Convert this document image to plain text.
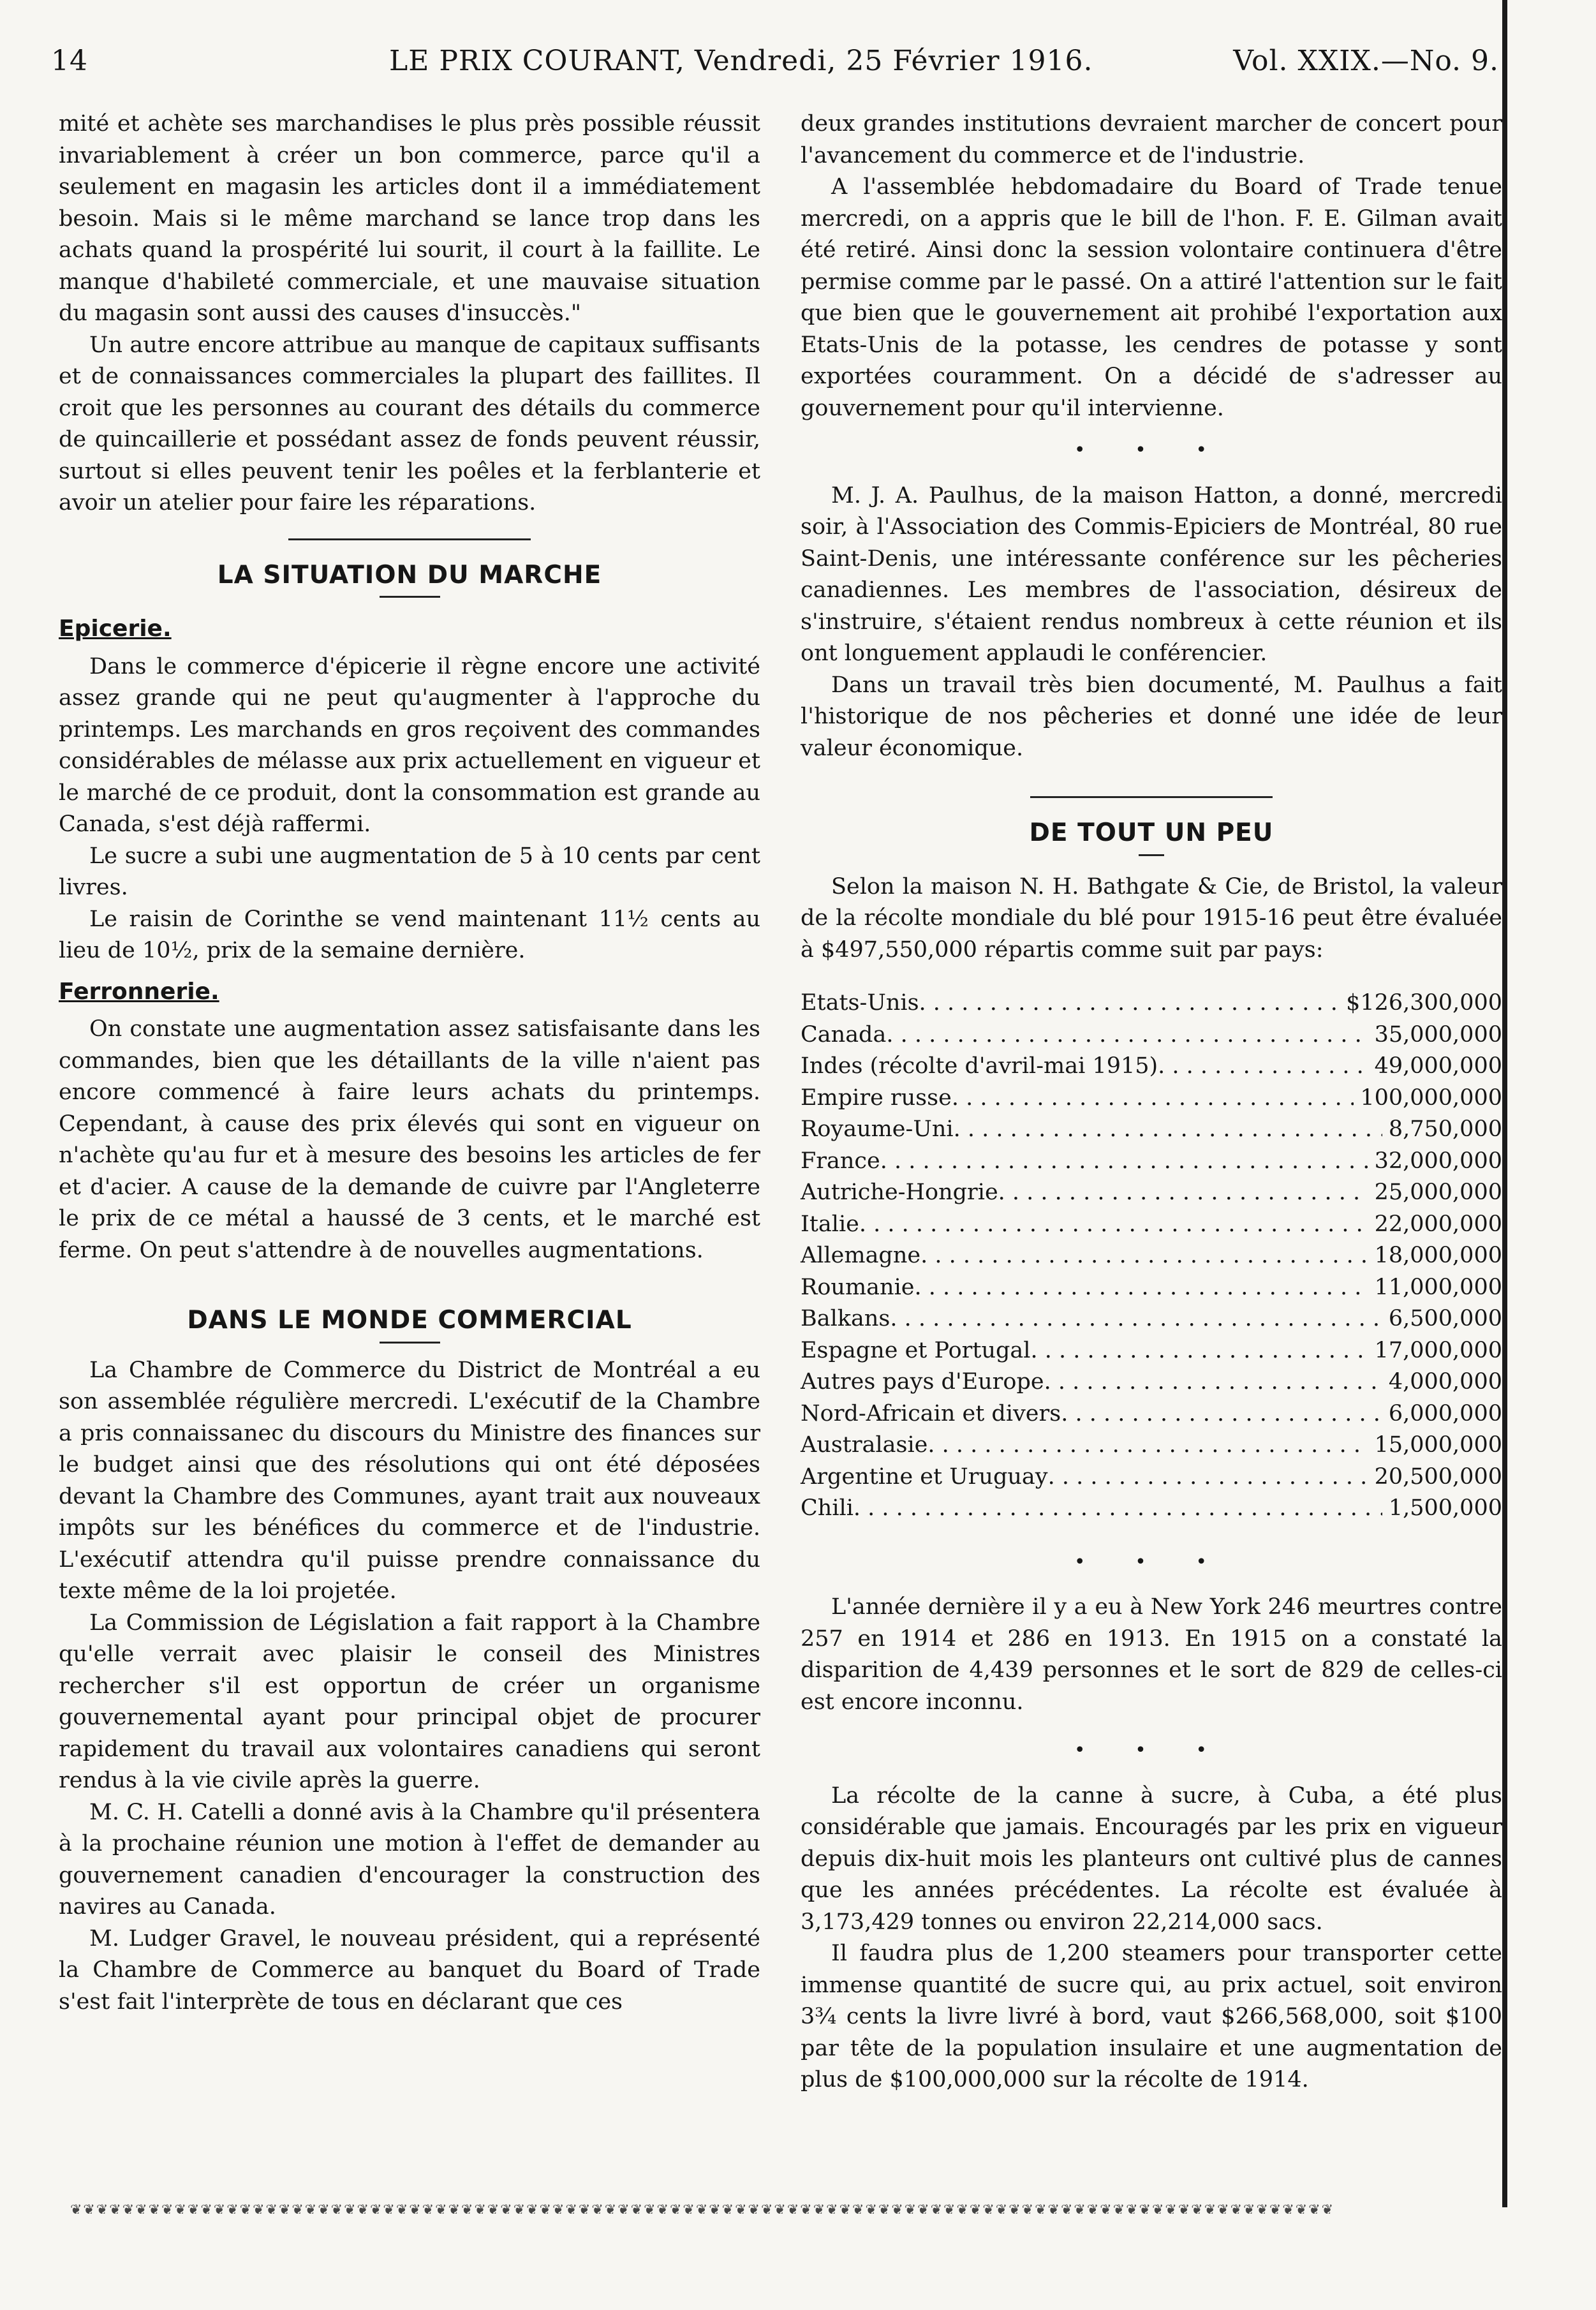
14	LE PRIX COURANT, Vendredi, 25 Février 1916.	Vol. XXIX.—No. 9.

mité et achète ses marchandises le plus près possible réussit invariablement à créer un bon commerce, parce qu'il a seulement en magasin les articles dont il a immédiatement besoin. Mais si le même marchand se lance trop dans les achats quand la prospérité lui sourit, il court à la faillite. Le manque d'habileté commerciale, et une mauvaise situation du magasin sont aussi des causes d'insuccès."

Un autre encore attribue au manque de capitaux suffisants et de connaissances commerciales la plupart des faillites. Il croit que les personnes au courant des détails du commerce de quincaillerie et possédant assez de fonds peuvent réussir, surtout si elles peuvent tenir les poêles et la ferblanterie et avoir un atelier pour faire les réparations.

LA SITUATION DU MARCHE
Epicerie.

Dans le commerce d'épicerie il règne encore une activité assez grande qui ne peut qu'augmenter à l'approche du printemps. Les marchands en gros reçoivent des commandes considérables de mélasse aux prix actuellement en vigueur et le marché de ce produit, dont la consommation est grande au Canada, s'est déjà raffermi.

Le sucre a subi une augmentation de 5 à 10 cents par cent livres.

Le raisin de Corinthe se vend maintenant 11½ cents au lieu de 10½, prix de la semaine dernière.

Ferronnerie.

On constate une augmentation assez satisfaisante dans les commandes, bien que les détaillants de la ville n'aient pas encore commencé à faire leurs achats du printemps. Cependant, à cause des prix élevés qui sont en vigueur on n'achète qu'au fur et à mesure des besoins les articles de fer et d'acier. A cause de la demande de cuivre par l'Angleterre le prix de ce métal a haussé de 3 cents, et le marché est ferme. On peut s'attendre à de nouvelles augmentations.

DANS LE MONDE COMMERCIAL

La Chambre de Commerce du District de Montréal a eu son assemblée régulière mercredi. L'exécutif de la Chambre a pris connaissanec du discours du Ministre des finances sur le budget ainsi que des résolutions qui ont été déposées devant la Chambre des Communes, ayant trait aux nouveaux impôts sur les bénéfices du commerce et de l'industrie. L'exécutif attendra qu'il puisse prendre connaissance du texte même de la loi projetée.

La Commission de Législation a fait rapport à la Chambre qu'elle verrait avec plaisir le conseil des Ministres rechercher s'il est opportun de créer un organisme gouvernemental ayant pour principal objet de procurer rapidement du travail aux volontaires canadiens qui seront rendus à la vie civile après la guerre.

M. C. H. Catelli a donné avis à la Chambre qu'il présentera à la prochaine réunion une motion à l'effet de demander au gouvernement canadien d'encourager la construction des navires au Canada.

M. Ludger Gravel, le nouveau président, qui a représenté la Chambre de Commerce au banquet du Board of Trade s'est fait l'interprète de tous en déclarant que ces

deux grandes institutions devraient marcher de concert pour l'avancement du commerce et de l'industrie.

A l'assemblée hebdomadaire du Board of Trade tenue mercredi, on a appris que le bill de l'hon. F. E. Gilman avait été retiré. Ainsi donc la session volontaire continuera d'être permise comme par le passé. On a attiré l'attention sur le fait que bien que le gouvernement ait prohibé l'exportation aux Etats-Unis de la potasse, les cendres de potasse y sont exportées couramment. On a décidé de s'adresser au gouvernement pour qu'il intervienne.

• • •

M. J. A. Paulhus, de la maison Hatton, a donné, mercredi soir, à l'Association des Commis-Epiciers de Montréal, 80 rue Saint-Denis, une intéressante conférence sur les pêcheries canadiennes. Les membres de l'association, désireux de s'instruire, s'étaient rendus nombreux à cette réunion et ils ont longuement applaudi le conférencier.

Dans un travail très bien documenté, M. Paulhus a fait l'historique de nos pêcheries et donné une idée de leur valeur économique.

DE TOUT UN PEU

Selon la maison N. H. Bathgate & Cie, de Bristol, la valeur de la récolte mondiale du blé pour 1915-16 peut être évaluée à $497,550,000 répartis comme suit par pays:

Etats-Unis . . .	$126,300,000
Canada . . .	35,000,000
Indes (récolte d'avril-mai 1915) . . .	49,000,000
Empire russe . . .	100,000,000
Royaume-Uni . . .	8,750,000
France . . .	32,000,000
Autriche-Hongrie . . .	25,000,000
Italie . . .	22,000,000
Allemagne . . .	18,000,000
Roumanie . . .	11,000,000
Balkans . . .	6,500,000
Espagne et Portugal . . .	17,000,000
Autres pays d'Europe . . .	4,000,000
Nord-Africain et divers . . .	6,000,000
Australasie . . .	15,000,000
Argentine et Uruguay . . .	20,500,000
Chili . . .	1,500,000
• • •

L'année dernière il y a eu à New York 246 meurtres contre 257 en 1914 et 286 en 1913. En 1915 on a constaté la disparition de 4,439 personnes et le sort de 829 de celles-ci est encore inconnu.

• • •

La récolte de la canne à sucre, à Cuba, a été plus considérable que jamais. Encouragés par les prix en vigueur depuis dix-huit mois les planteurs ont cultivé plus de cannes que les années précédentes. La récolte est évaluée à 3,173,429 tonnes ou environ 22,214,000 sacs.

Il faudra plus de 1,200 steamers pour transporter cette immense quantité de sucre qui, au prix actuel, soit environ 3¾ cents la livre livré à bord, vaut $266,568,000, soit $100 par tête de la population insulaire et une augmentation de plus de $100,000,000 sur la récolte de 1914.

❦❦❦❦❦❦❦❦❦❦❦❦❦❦❦❦❦❦❦❦❦❦❦❦❦❦❦❦❦❦❦❦❦❦❦❦❦❦❦❦❦❦❦❦❦❦❦❦❦❦❦❦❦❦❦❦❦❦❦❦❦❦❦❦❦❦❦❦❦❦❦❦❦❦❦❦❦❦❦❦❦❦❦❦❦❦❦❦❦❦❦❦❦❦❦❦❦
